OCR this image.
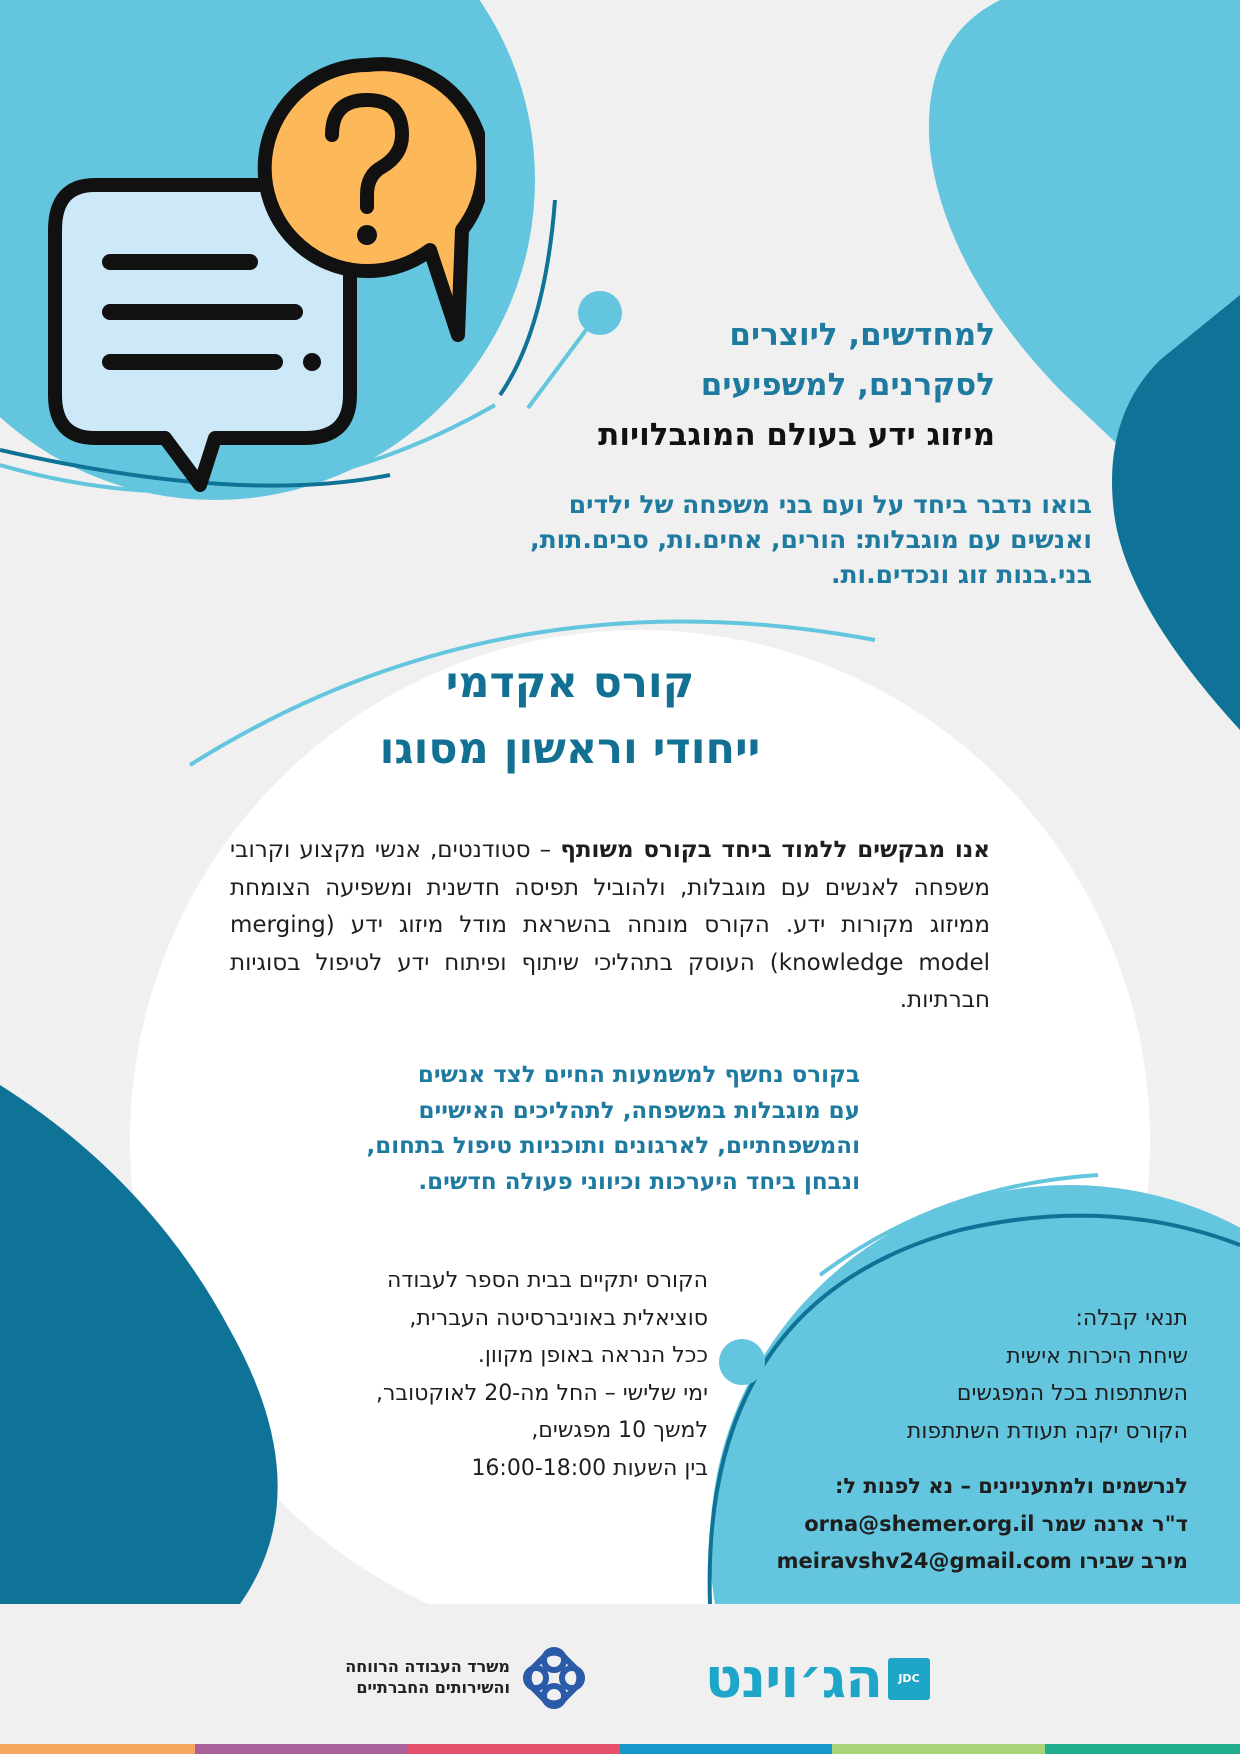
למחדשים, ליוצרים
לסקרנים, למשפיעים
מיזוג ידע בעולם המוגבלויות
בואו נדבר ביחד על ועם בני משפחה של ילדים
ואנשים עם מוגבלות: הורים, אחים.ות, סבים.תות,
בני.בנות זוג ונכדים.ות.
קורס אקדמי
ייחודי וראשון מסוגו
אנו מבקשים ללמוד ביחד בקורס משותף – סטודנטים, אנשי מקצוע וקרובי משפחה לאנשים עם מוגבלות, ולהוביל תפיסה חדשנית ומשפיעה הצומחת ממיזוג מקורות ידע. הקורס מונחה בהשראת מודל מיזוג ידע (merging knowledge model) העוסק בתהליכי שיתוף ופיתוח ידע לטיפול בסוגיות חברתיות.
בקורס נחשף למשמעות החיים לצד אנשים
עם מוגבלות במשפחה, לתהליכים האישיים
והמשפחתיים, לארגונים ותוכניות טיפול בתחום,
ונבחן ביחד היערכות וכיווני פעולה חדשים.
הקורס יתקיים בבית הספר לעבודה
סוציאלית באוניברסיטה העברית,
ככל הנראה באופן מקוון.
ימי שלישי – החל מה-20 לאוקטובר,
למשך 10 מפגשים,
בין השעות 16:00-18:00
תנאי קבלה:
שיחת היכרות אישית
השתתפות בכל המפגשים
הקורס יקנה תעודת השתתפות
לנרשמים ולמתעניינים – נא לפנות ל:
ד"ר ארנה שמר orna@shemer.org.il
מירב שבירו meiravshv24@gmail.com
JDC
הג׳וינט
משרד העבודה הרווחה
והשירותים החברתיים
